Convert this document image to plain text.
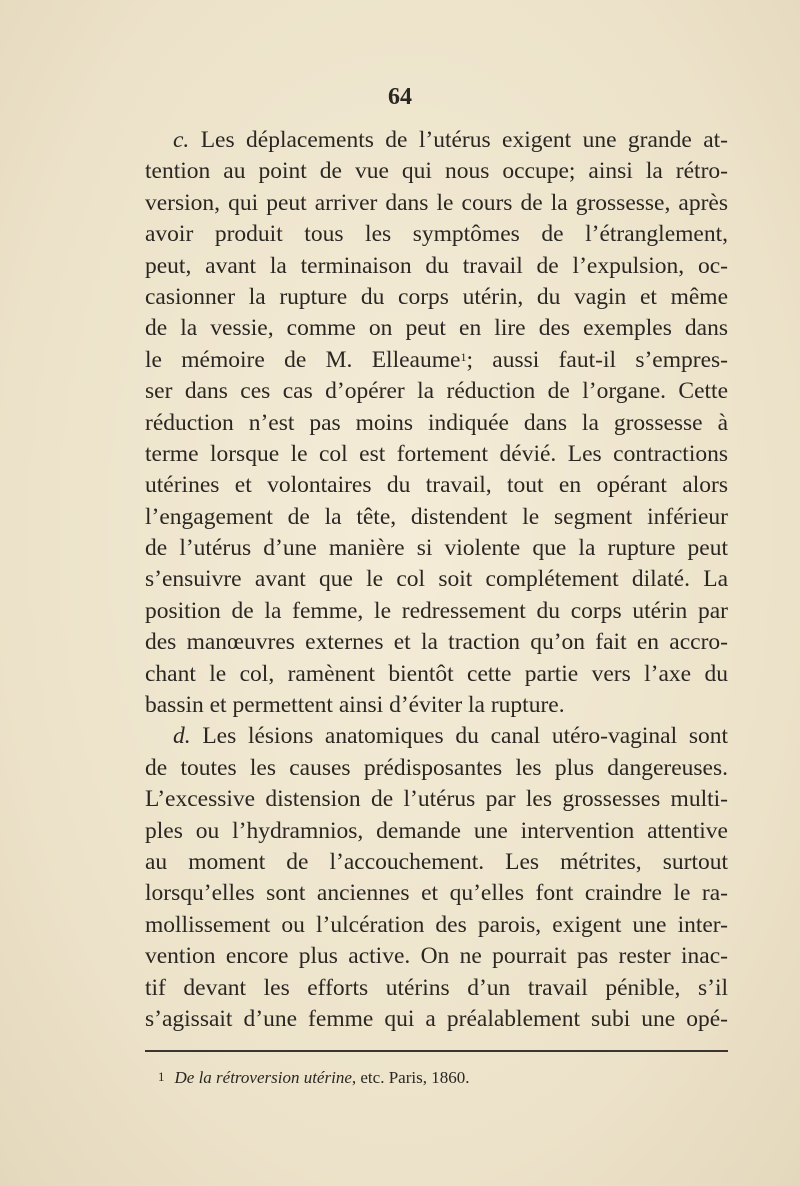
64
c. Les déplacements de l’utérus exigent une grande at-
tention au point de vue qui nous occupe; ainsi la rétro-
version, qui peut arriver dans le cours de la grossesse, après
avoir produit tous les symptômes de l’étranglement,
peut, avant la terminaison du travail de l’expulsion, oc-
casionner la rupture du corps utérin, du vagin et même
de la vessie, comme on peut en lire des exemples dans
le mémoire de M. Elleaume$^1$; aussi faut-il s’empres-
ser dans ces cas d’opérer la réduction de l’organe. Cette
réduction n’est pas moins indiquée dans la grossesse à
terme lorsque le col est fortement dévié. Les contractions
utérines et volontaires du travail, tout en opérant alors
l’engagement de la tête, distendent le segment inférieur
de l’utérus d’une manière si violente que la rupture peut
s’ensuivre avant que le col soit complétement dilaté. La
position de la femme, le redressement du corps utérin par
des manœuvres externes et la traction qu’on fait en accro-
chant le col, ramènent bientôt cette partie vers l’axe du
bassin et permettent ainsi d’éviter la rupture.
d. Les lésions anatomiques du canal utéro-vaginal sont
de toutes les causes prédisposantes les plus dangereuses.
L’excessive distension de l’utérus par les grossesses multi-
ples ou l’hydramnios, demande une intervention attentive
au moment de l’accouchement. Les métrites, surtout
lorsqu’elles sont anciennes et qu’elles font craindre le ra-
mollissement ou l’ulcération des parois, exigent une inter-
vention encore plus active. On ne pourrait pas rester inac-
tif devant les efforts utérins d’un travail pénible, s’il
s’agissait d’une femme qui a préalablement subi une opé-
1 De la rétroversion utérine, etc. Paris, 1860.
